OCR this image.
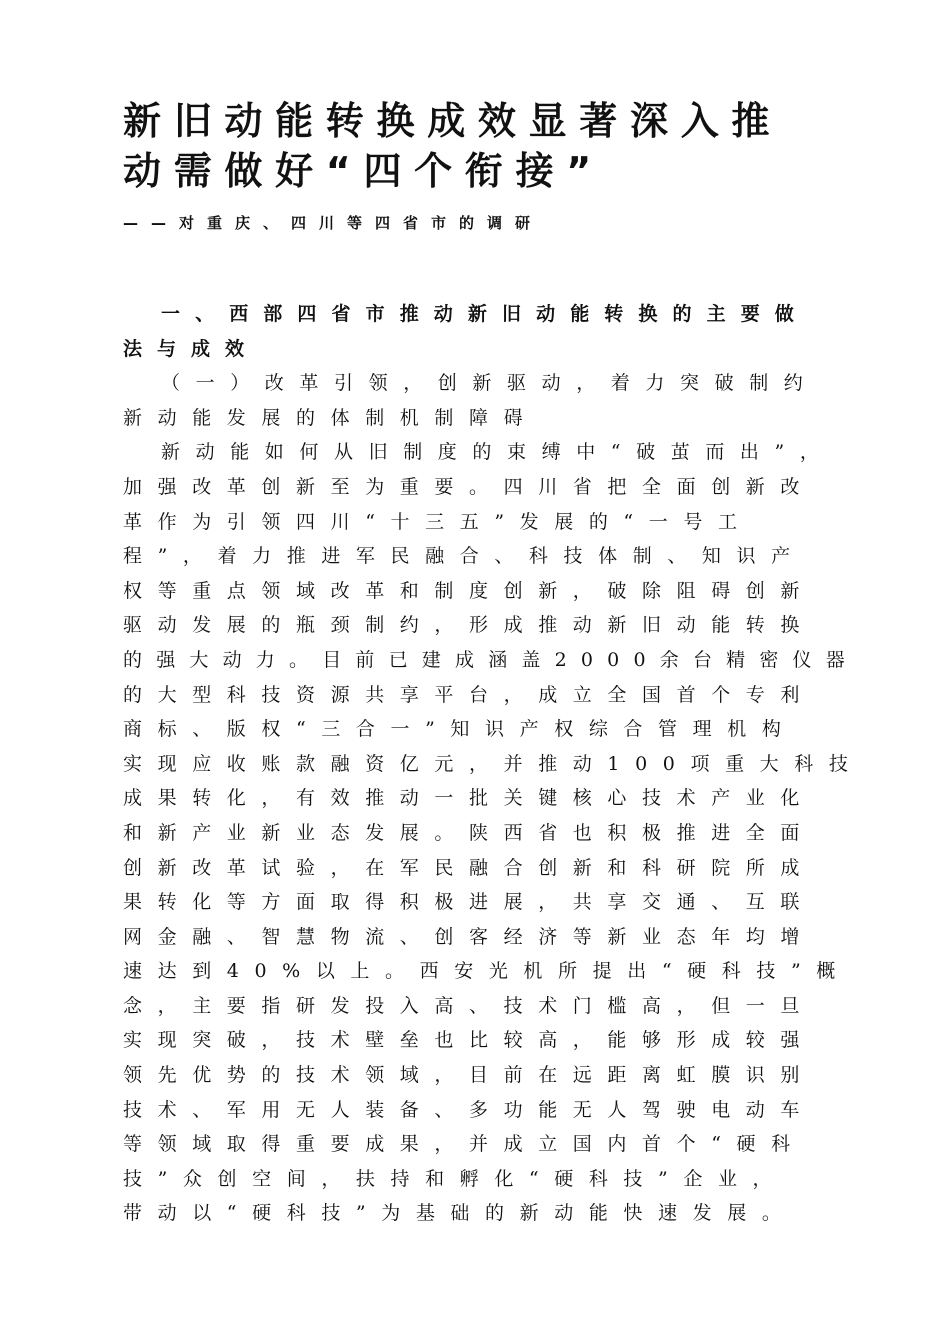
新旧动能转换成效显著深入推
动需做好“四个衔接”
——对重庆、四川等四省市的调研
一、西部四省市推动新旧动能转换的主要做
法与成效
（一）改革引领，创新驱动，着力突破制约
新动能发展的体制机制障碍
新动能如何从旧制度的束缚中“破茧而出”，
加强改革创新至为重要。四川省把全面创新改
革作为引领四川“十三五”发展的“一号工
程”，着力推进军民融合、科技体制、知识产
权等重点领域改革和制度创新，破除阻碍创新
驱动发展的瓶颈制约，形成推动新旧动能转换
的强大动力。目前已建成涵盖2000余台精密仪器
的大型科技资源共享平台，成立全国首个专利
商标、版权“三合一”知识产权综合管理机构
实现应收账款融资亿元，并推动100项重大科技
成果转化，有效推动一批关键核心技术产业化
和新产业新业态发展。陕西省也积极推进全面
创新改革试验，在军民融合创新和科研院所成
果转化等方面取得积极进展，共享交通、互联
网金融、智慧物流、创客经济等新业态年均增
速达到40%以上。西安光机所提出“硬科技”概
念，主要指研发投入高、技术门槛高，但一旦
实现突破，技术壁垒也比较高，能够形成较强
领先优势的技术领域，目前在远距离虹膜识别
技术、军用无人装备、多功能无人驾驶电动车
等领域取得重要成果，并成立国内首个“硬科
技”众创空间，扶持和孵化“硬科技”企业，
带动以“硬科技”为基础的新动能快速发展。
